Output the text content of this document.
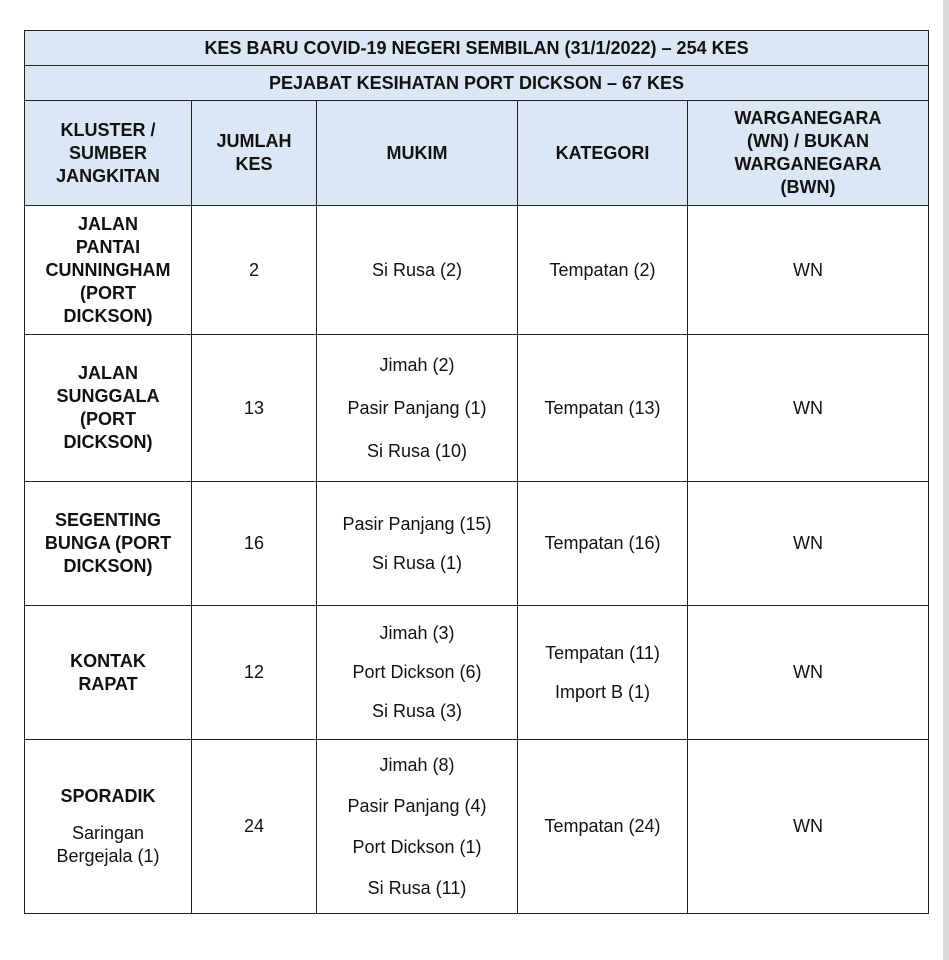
KES BARU COVID-19 NEGERI SEMBILAN (31/1/2022) – 254 KES				
PEJABAT KESIHATAN PORT DICKSON – 67 KES				

KLUSTER /
SUMBER
JANGKITAN	JUMLAH
KES	MUKIM	KATEGORI	WARGANEGARA
(WN) / BUKAN
WARGANEGARA
(BWN)

JALAN
PANTAI
CUNNINGHAM
(PORT
DICKSON)	2	Si Rusa (2)	Tempatan (2)	WN

JALAN
SUNGGALA
(PORT
DICKSON)	13	Jimah (2)
Pasir Panjang (1)
Si Rusa (10)	Tempatan (13)	WN

SEGENTING
BUNGA (PORT
DICKSON)	16	Pasir Panjang (15)
Si Rusa (1)	Tempatan (16)	WN

KONTAK
RAPAT	12	Jimah (3)
Port Dickson (6)
Si Rusa (3)	Tempatan (11)
Import B (1)	WN

SPORADIK
Saringan
Bergejala (1)	24	Jimah (8)
Pasir Panjang (4)
Port Dickson (1)
Si Rusa (11)	Tempatan (24)	WN
